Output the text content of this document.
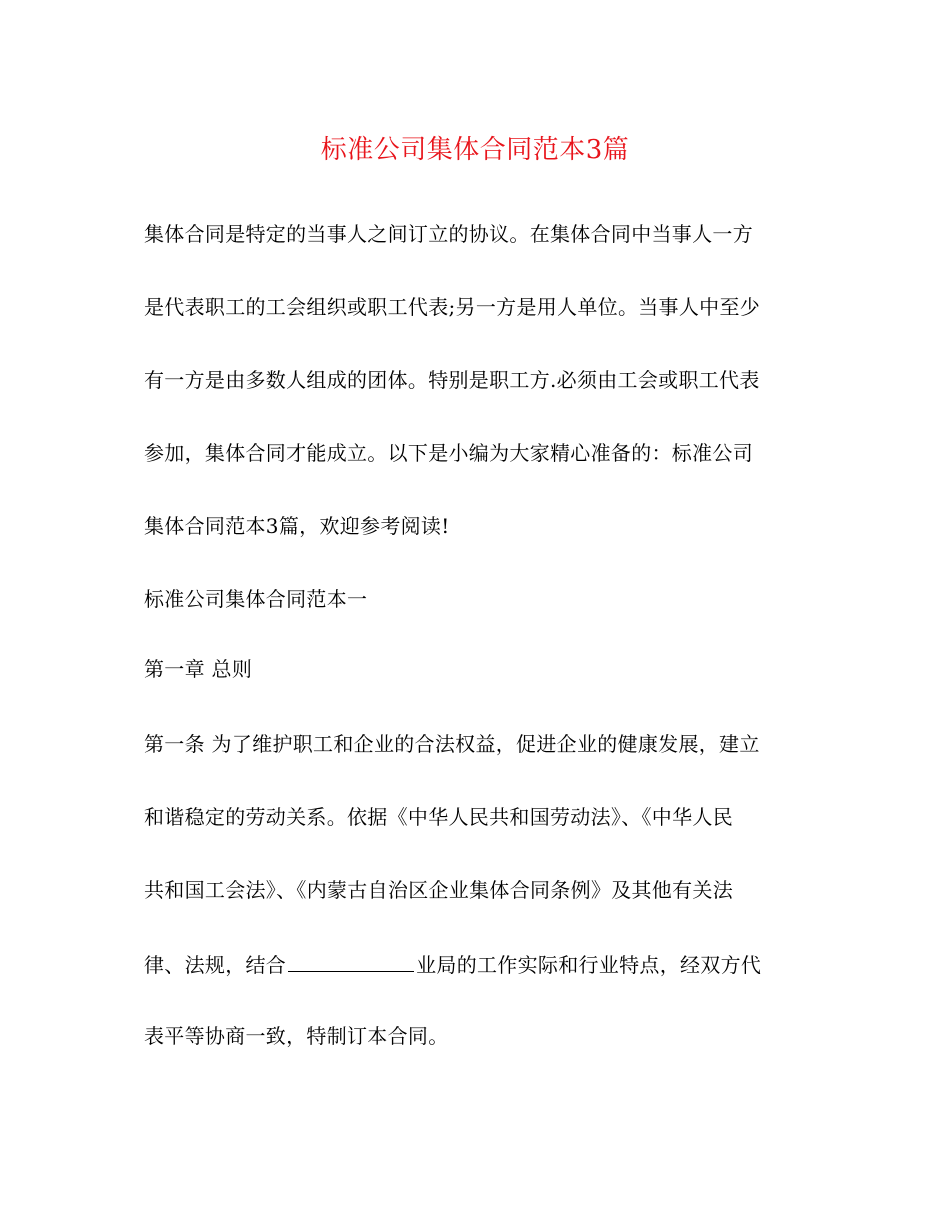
标准公司集体合同范本3篇
集体合同是特定的当事人之间订立的协议。在集体合同中当事人一方
是代表职工的工会组织或职工代表;另一方是用人单位。当事人中至少
有一方是由多数人组成的团体。特别是职工方.必须由工会或职工代表
参加，集体合同才能成立。以下是小编为大家精心准备的：标准公司
集体合同范本3篇，欢迎参考阅读!
标准公司集体合同范本一
第一章 总则
第一条 为了维护职工和企业的合法权益，促进企业的健康发展，建立
和谐稳定的劳动关系。依据《中华人民共和国劳动法》、《中华人民
共和国工会法》、《内蒙古自治区企业集体合同条例》及其他有关法
律、法规，结合	业局的工作实际和行业特点，经双方代
表平等协商一致，特制订本合同。
